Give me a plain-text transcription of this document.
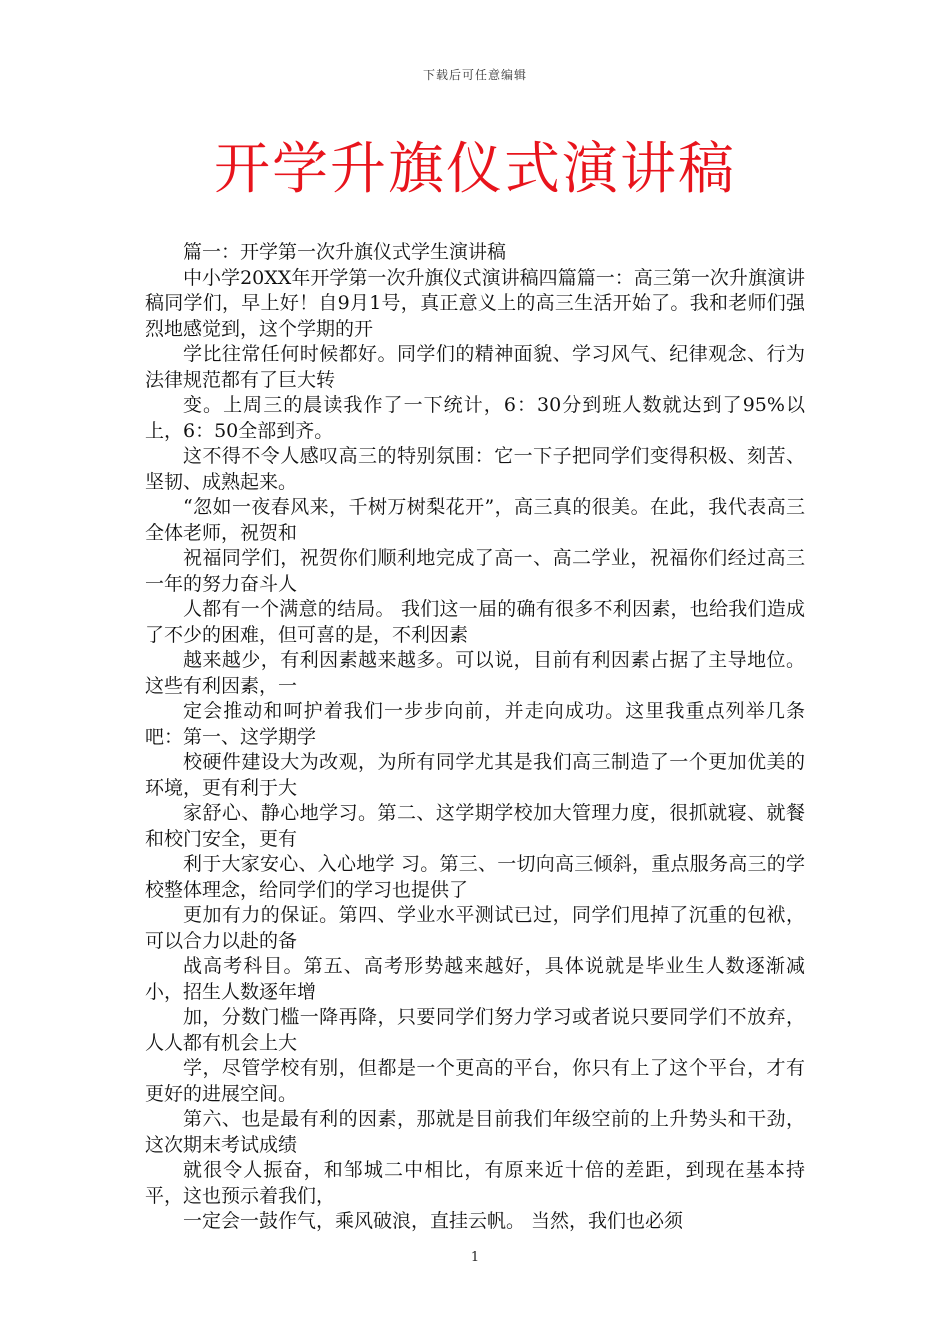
下载后可任意编辑
开学升旗仪式演讲稿

篇一：开学第一次升旗仪式学生演讲稿

中小学20XX年开学第一次升旗仪式演讲稿四篇篇一：高三第一次升旗演讲稿同学们，早上好！自9月1号，真正意义上的高三生活开始了。我和老师们强烈地感觉到，这个学期的开

学比往常任何时候都好。同学们的精神面貌、学习风气、纪律观念、行为法律规范都有了巨大转

变。上周三的晨读我作了一下统计，6：30分到班人数就达到了95%以上，6：50全部到齐。

这不得不令人感叹高三的特别氛围：它一下子把同学们变得积极、刻苦、坚韧、成熟起来。

“忽如一夜春风来，千树万树梨花开”，高三真的很美。在此，我代表高三全体老师，祝贺和

祝福同学们，祝贺你们顺利地完成了高一、高二学业，祝福你们经过高三一年的努力奋斗人

人都有一个满意的结局。 我们这一届的确有很多不利因素，也给我们造成了不少的困难，但可喜的是，不利因素

越来越少，有利因素越来越多。可以说，目前有利因素占据了主导地位。这些有利因素，一

定会推动和呵护着我们一步步向前，并走向成功。这里我重点列举几条吧：第一、这学期学

校硬件建设大为改观，为所有同学尤其是我们高三制造了一个更加优美的环境，更有利于大

家舒心、静心地学习。第二、这学期学校加大管理力度，很抓就寝、就餐和校门安全，更有

利于大家安心、入心地学 习。第三、一切向高三倾斜，重点服务高三的学校整体理念，给同学们的学习也提供了

更加有力的保证。第四、学业水平测试已过，同学们甩掉了沉重的包袱，可以合力以赴的备

战高考科目。第五、高考形势越来越好，具体说就是毕业生人数逐渐减小，招生人数逐年增

加，分数门槛一降再降，只要同学们努力学习或者说只要同学们不放弃，人人都有机会上大

学，尽管学校有别，但都是一个更高的平台，你只有上了这个平台，才有更好的进展空间。

第六、也是最有利的因素，那就是目前我们年级空前的上升势头和干劲，这次期末考试成绩

就很令人振奋，和邹城二中相比，有原来近十倍的差距，到现在基本持平，这也预示着我们，

一定会一鼓作气，乘风破浪，直挂云帆。 当然，我们也必须

1
